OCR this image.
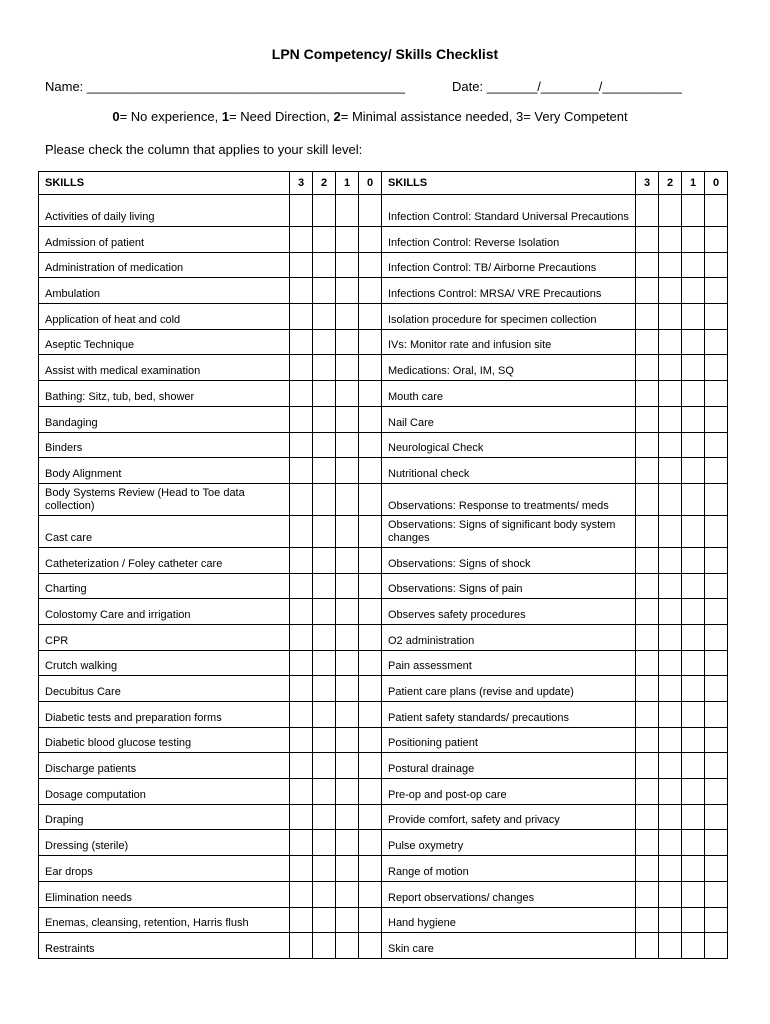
LPN Competency/ Skills Checklist
Name: ____________________________________________	Date: _______/________/___________
0= No experience, 1= Need Direction, 2= Minimal assistance needed, 3= Very Competent
Please check the column that applies to your skill level:
SKILLS	3	2	1	0	SKILLS	3	2	1	0
Activities of daily living					Infection Control: Standard Universal Precautions				
Admission of patient					Infection Control: Reverse Isolation				
Administration of medication					Infection Control: TB/ Airborne Precautions				
Ambulation					Infections Control: MRSA/ VRE Precautions				
Application of heat and cold					Isolation procedure for specimen collection				
Aseptic Technique					IVs: Monitor rate and infusion site				
Assist with medical examination					Medications: Oral, IM, SQ				
Bathing: Sitz, tub, bed, shower					Mouth care				
Bandaging					Nail Care				
Binders					Neurological Check				
Body Alignment					Nutritional check				
Body Systems Review (Head to Toe data collection)					Observations: Response to treatments/ meds				
Cast care					Observations: Signs of significant body system changes				
Catheterization / Foley catheter care					Observations: Signs of shock				
Charting					Observations: Signs of pain				
Colostomy Care and irrigation					Observes safety procedures				
CPR					O2 administration				
Crutch walking					Pain assessment				
Decubitus Care					Patient care plans (revise and update)				
Diabetic tests and preparation forms					Patient safety standards/ precautions				
Diabetic blood glucose testing					Positioning patient				
Discharge patients					Postural drainage				
Dosage computation					Pre-op and post-op care				
Draping					Provide comfort, safety and privacy				
Dressing (sterile)					Pulse oxymetry				
Ear drops					Range of motion				
Elimination needs					Report observations/ changes				
Enemas, cleansing, retention, Harris flush					Hand hygiene				
Restraints					Skin care				
